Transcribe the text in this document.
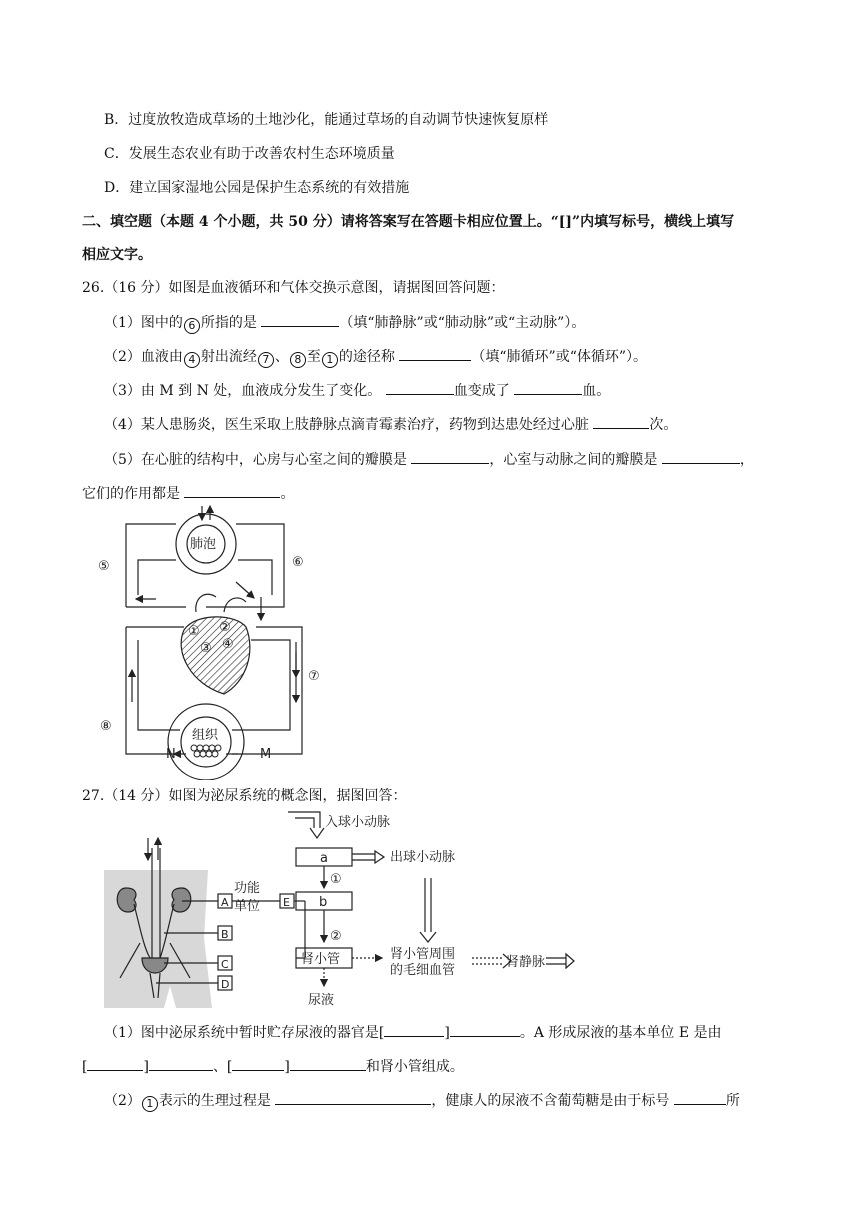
B．过度放牧造成草场的土地沙化，能通过草场的自动调节快速恢复原样
C．发展生态农业有助于改善农村生态环境质量
D．建立国家湿地公园是保护生态系统的有效措施
二、填空题（本题 4 个小题，共 50 分）请将答案写在答题卡相应位置上。“[]”内填写标号，横线上填写
相应文字。
26.（16 分）如图是血液循环和气体交换示意图，请据图回答问题：
（1）图中的 6 所指的是	（填“肺静脉”或“肺动脉”或“主动脉”）。
（2）血液由 4 射出流经 7 、 8 至 1 的途径称	（填“肺循环”或“体循环”）。
（3）由 M 到 N 处，血液成分发生了变化。	血变成了	血。
（4）某人患肠炎，医生采取上肢静脉点滴青霉素治疗，药物到达患处经过心脏	次。
（5）在心脏的结构中，心房与心室之间的瓣膜是	，心室与动脉之间的瓣膜是	，
它们的作用都是	。
肺泡
组织
① ②
③ ④
⑤	⑥
⑦
⑧
N	M
27.（14 分）如图为泌尿系统的概念图，据图回答：
入球小动脉
a	出球小动脉
①
b
②
肾小管	肾小管周围
的毛细血管
肾静脉
尿液
功能
单位
A
B
C
D
E
（1）图中泌尿系统中暂时贮存尿液的器官是[	]	。A 形成尿液的基本单位 E 是由
[	]	、[	]	和肾小管组成。
（2） 1 表示的生理过程是	，健康人的尿液不含葡萄糖是由于标号	所
